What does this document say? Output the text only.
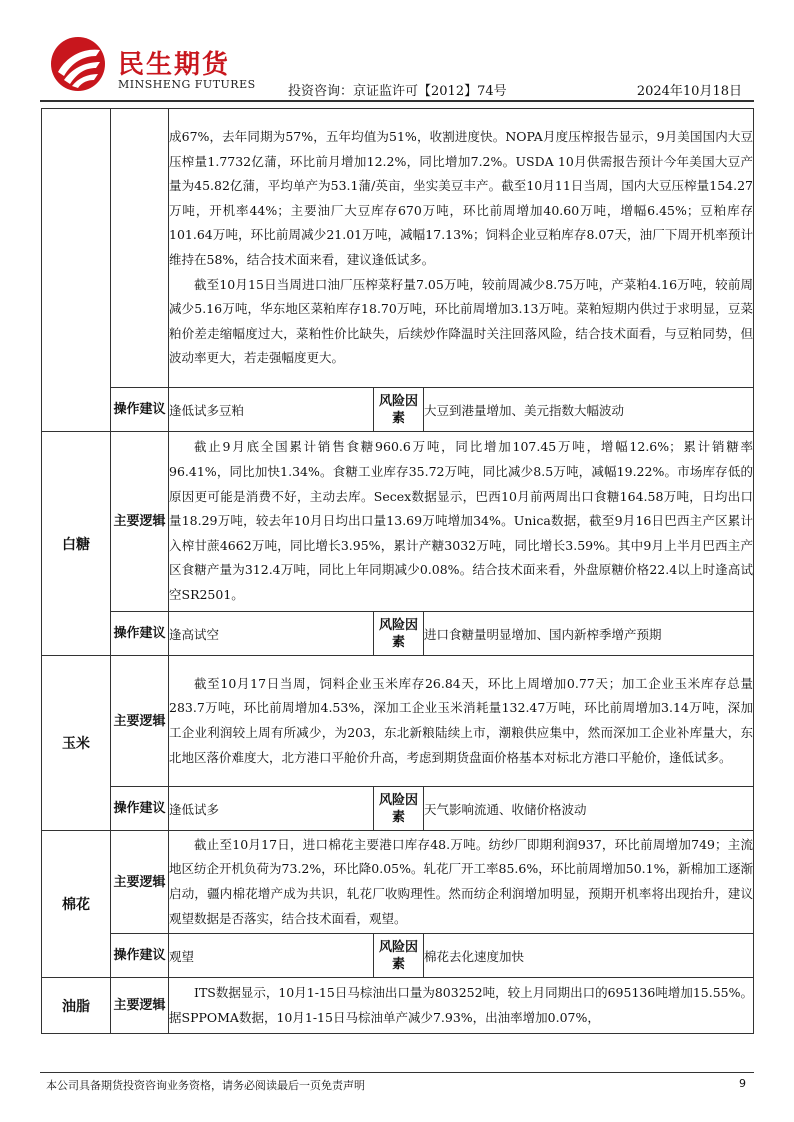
民生期货
MINSHENG FUTURES 投资咨询：京证监许可【2012】74号	2024年10月18日

		成67%，去年同期为57%，五年均值为51%，收割进度快。NOPA月度压榨报告显示，9月美国国内大豆压榨量1.7732亿蒲，环比前月增加12.2%，同比增加7.2%。USDA 10月供需报告预计今年美国大豆产量为45.82亿蒲，平均单产为53.1蒲/英亩，坐实美豆丰产。截至10月11日当周，国内大豆压榨量154.27万吨，开机率44%；主要油厂大豆库存670万吨，环比前周增加40.60万吨，增幅6.45%；豆粕库存101.64万吨，环比前周减少21.01万吨，减幅17.13%；饲料企业豆粕库存8.07天，油厂下周开机率预计维持在58%，结合技术面来看，建议逢低试多。

截至10月15日当周进口油厂压榨菜籽量7.05万吨，较前周减少8.75万吨，产菜粕4.16万吨，较前周减少5.16万吨，华东地区菜粕库存18.70万吨，环比前周增加3.13万吨。菜粕短期内供过于求明显，豆菜粕价差走缩幅度过大，菜粕性价比缺失，后续炒作降温时关注回落风险，结合技术面看，与豆粕同势，但波动率更大，若走强幅度更大。		

	操作建议	逢低试多豆粕	风险因素	大豆到港量增加、美元指数大幅波动
白糖	主要逻辑	截止9月底全国累计销售食糖960.6万吨，同比增加107.45万吨，增幅12.6%；累计销糖率96.41%，同比加快1.34%。食糖工业库存35.72万吨，同比减少8.5万吨，减幅19.22%。市场库存低的原因更可能是消费不好，主动去库。Secex数据显示，巴西10月前两周出口食糖164.58万吨，日均出口量18.29万吨，较去年10月日均出口量13.69万吨增加34%。Unica数据，截至9月16日巴西主产区累计入榨甘蔗4662万吨，同比增长3.95%，累计产糖3032万吨，同比增长3.59%。其中9月上半月巴西主产区食糖产量为312.4万吨，同比上年同期减少0.08%。结合技术面来看，外盘原糖价格22.4以上时逢高试空SR2501。		

	操作建议	逢高试空	风险因素	进口食糖量明显增加、国内新榨季增产预期
玉米	主要逻辑	截至10月17日当周，饲料企业玉米库存26.84天，环比上周增加0.77天；加工企业玉米库存总量283.7万吨，环比前周增加4.53%，深加工企业玉米消耗量132.47万吨，环比前周增加3.14万吨，深加工企业利润较上周有所减少，为203，东北新粮陆续上市，潮粮供应集中，然而深加工企业补库量大，东北地区落价难度大，北方港口平舱价升高，考虑到期货盘面价格基本对标北方港口平舱价，逢低试多。		

	操作建议	逢低试多	风险因素	天气影响流通、收储价格波动
棉花	主要逻辑	截止至10月17日，进口棉花主要港口库存48.万吨。纺纱厂即期利润937，环比前周增加749；主流地区纺企开机负荷为73.2%，环比降0.05%。轧花厂开工率85.6%，环比前周增加50.1%，新棉加工逐渐启动，疆内棉花增产成为共识，轧花厂收购理性。然而纺企利润增加明显，预期开机率将出现抬升，建议观望数据是否落实，结合技术面看，观望。		

	操作建议	观望	风险因素	棉花去化速度加快
油脂	主要逻辑	ITS数据显示，10月1-15日马棕油出口量为803252吨，较上月同期出口的695136吨增加15.55%。据SPPOMA数据，10月1-15日马棕油单产减少7.93%，出油率增加0.07%，		

本公司具备期货投资咨询业务资格，请务必阅读最后一页免责声明	9
